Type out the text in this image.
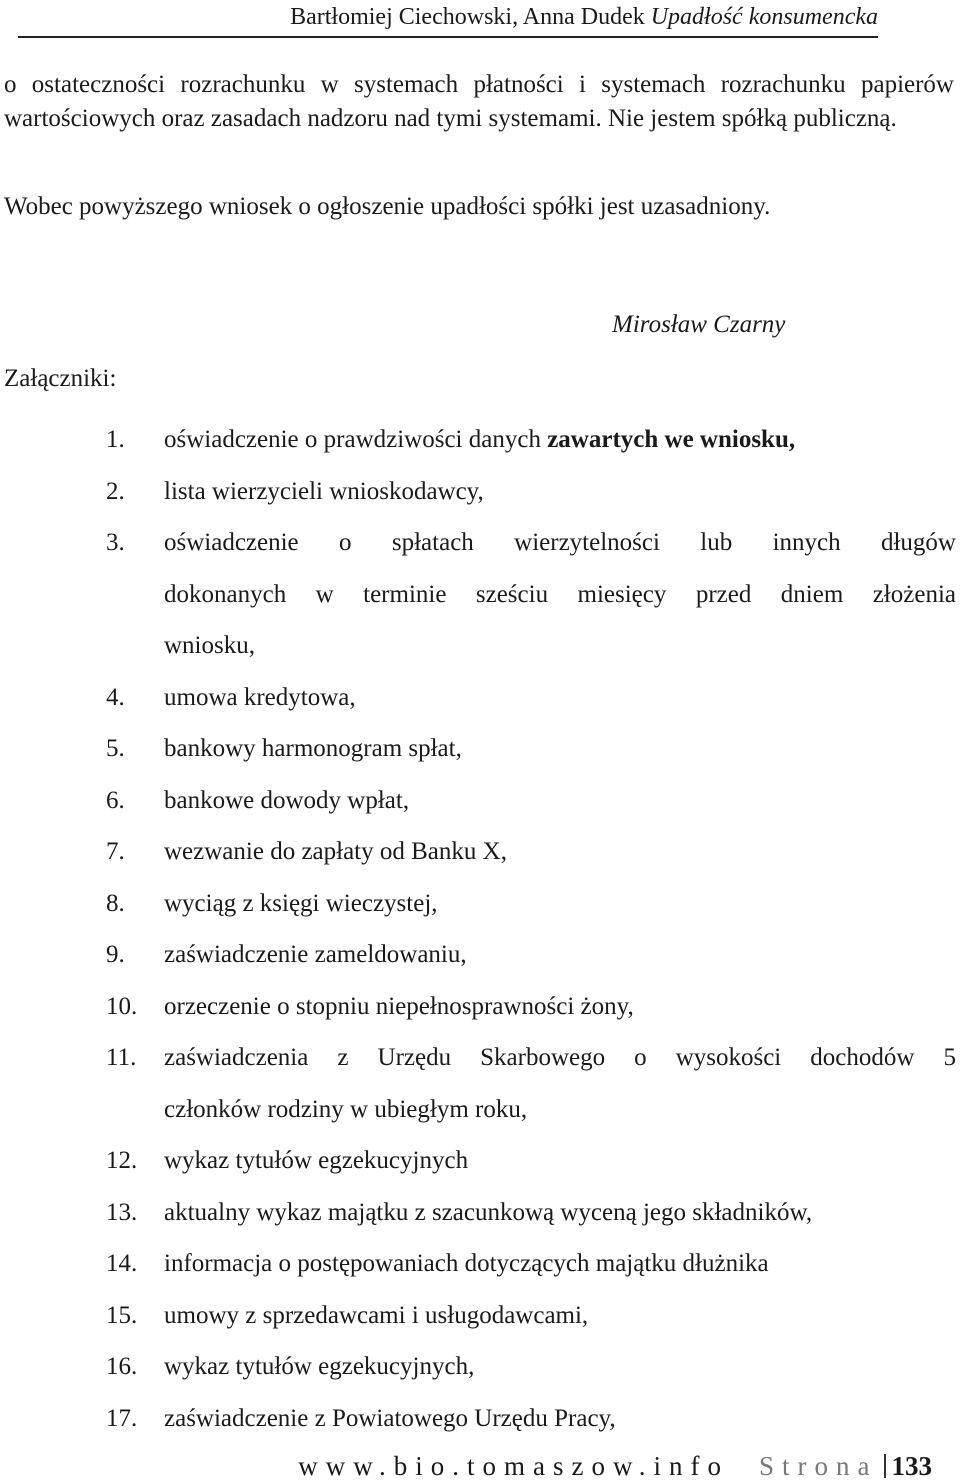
Bartłomiej Ciechowski, Anna Dudek Upadłość konsumencka

o ostateczności rozrachunku w systemach płatności i systemach rozrachunku papierów wartościowych oraz zasadach nadzoru nad tymi systemami. Nie jestem spółką publiczną.

Wobec powyższego wniosek o ogłoszenie upadłości spółki jest uzasadniony.
Mirosław Czarny
Załączniki:
1.	oświadczenie o prawdziwości danych zawartych we wniosku,
2.	lista wierzycieli wnioskodawcy,
3.	oświadczenie o spłatach wierzytelności lub innych długów
dokonanych w terminie sześciu miesięcy przed dniem złożenia
wniosku,
4.	umowa kredytowa,
5.	bankowy harmonogram spłat,
6.	bankowe dowody wpłat,
7.	wezwanie do zapłaty od Banku X,
8.	wyciąg z księgi wieczystej,
9.	zaświadczenie zameldowaniu,
10.	orzeczenie o stopniu niepełnosprawności żony,
11.	zaświadczenia z Urzędu Skarbowego o wysokości dochodów 5
członków rodziny w ubiegłym roku,
12.	wykaz tytułów egzekucyjnych
13.	aktualny wykaz majątku z szacunkową wyceną jego składników,
14.	informacja o postępowaniach dotyczących majątku dłużnika
15.	umowy z sprzedawcami i usługodawcami,
16.	wykaz tytułów egzekucyjnych,
17.	zaświadczenie z Powiatowego Urzędu Pracy,
www.bio.tomaszow.info Strona 133
